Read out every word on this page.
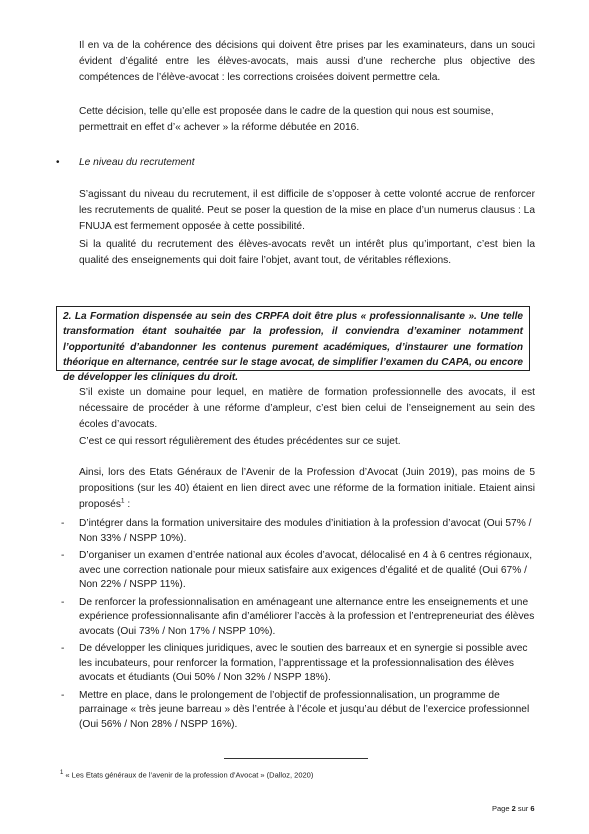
Il en va de la cohérence des décisions qui doivent être prises par les examinateurs, dans un souci évident d’égalité entre les élèves-avocats, mais aussi d’une recherche plus objective des compétences de l’élève-avocat : les corrections croisées doivent permettre cela.

Cette décision, telle qu’elle est proposée dans le cadre de la question qui nous est soumise, permettrait en effet d’« achever » la réforme débutée en 2016.

• Le niveau du recrutement

S’agissant du niveau du recrutement, il est difficile de s’opposer à cette volonté accrue de renforcer les recrutements de qualité. Peut se poser la question de la mise en place d’un numerus clausus : La FNUJA est fermement opposée à cette possibilité.

Si la qualité du recrutement des élèves-avocats revêt un intérêt plus qu’important, c’est bien la qualité des enseignements qui doit faire l’objet, avant tout, de véritables réflexions.

2. La Formation dispensée au sein des CRPFA doit être plus « professionnalisante ». Une telle transformation étant souhaitée par la profession, il conviendra d’examiner notamment l’opportunité d’abandonner les contenus purement académiques, d’instaurer une formation théorique en alternance, centrée sur le stage avocat, de simplifier l’examen du CAPA, ou encore de développer les cliniques du droit.

S’il existe un domaine pour lequel, en matière de formation professionnelle des avocats, il est nécessaire de procéder à une réforme d’ampleur, c’est bien celui de l’enseignement au sein des écoles d’avocats.

C’est ce qui ressort régulièrement des études précédentes sur ce sujet.

Ainsi, lors des Etats Généraux de l’Avenir de la Profession d’Avocat (Juin 2019), pas moins de 5 propositions (sur les 40) étaient en lien direct avec une réforme de la formation initiale. Etaient ainsi proposés$^1$ :

- D’intégrer dans la formation universitaire des modules d’initiation à la profession d’avocat (Oui 57% / Non 33% / NSPP 10%).
- D’organiser un examen d’entrée national aux écoles d’avocat, délocalisé en 4 à 6 centres régionaux, avec une correction nationale pour mieux satisfaire aux exigences d’égalité et de qualité (Oui 67% / Non 22% / NSPP 11%).
- De renforcer la professionnalisation en aménageant une alternance entre les enseignements et une expérience professionnalisante afin d’améliorer l’accès à la profession et l’entrepreneuriat des élèves avocats (Oui 73% / Non 17% / NSPP 10%).
- De développer les cliniques juridiques, avec le soutien des barreaux et en synergie si possible avec les incubateurs, pour renforcer la formation, l’apprentissage et la professionnalisation des élèves avocats et étudiants (Oui 50% / Non 32% / NSPP 18%).
- Mettre en place, dans le prolongement de l’objectif de professionnalisation, un programme de parrainage « très jeune barreau » dès l’entrée à l’école et jusqu’au début de l’exercice professionnel (Oui 56% / Non 28% / NSPP 16%).
$^1$ « Les Etats généraux de l’avenir de la profession d’Avocat » (Dalloz, 2020)
Page 2 sur 6
